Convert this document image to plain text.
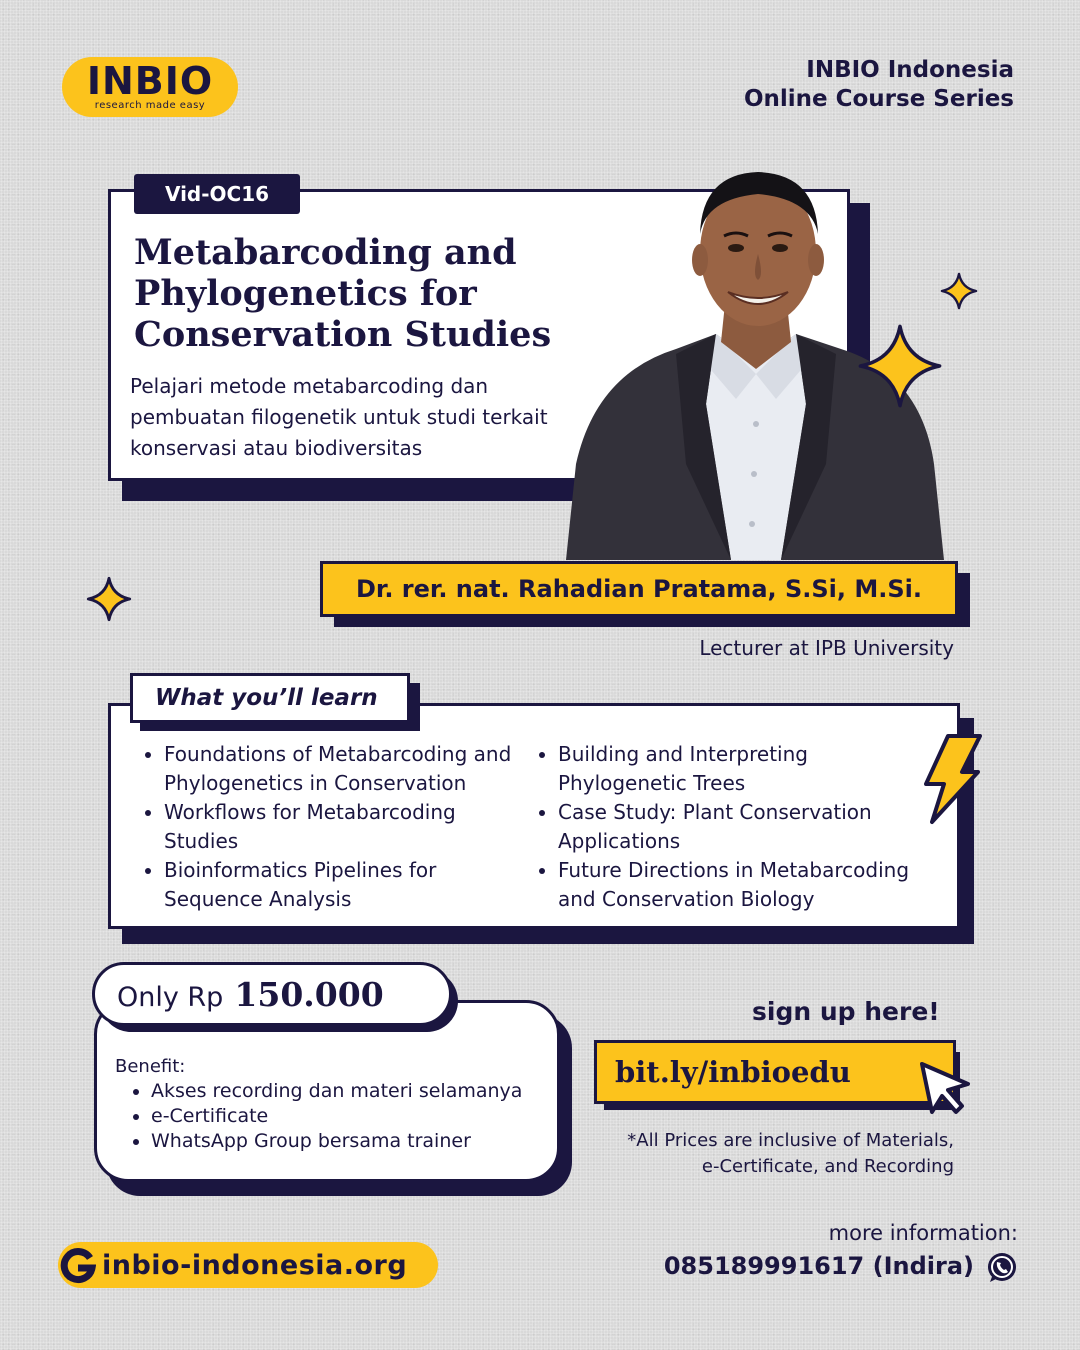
INBIO
research made easy
INBIO Indonesia
Online Course Series
Vid-OC16
Metabarcoding and
Phylogenetics for
Conservation Studies
Pelajari metode metabarcoding dan pembuatan filogenetik untuk studi terkait konservasi atau biodiversitas
Dr. rer. nat. Rahadian Pratama, S.Si, M.Si.
Lecturer at IPB University
What you’ll learn
• Foundations of Metabarcoding and Phylogenetics in Conservation
• Workflows for Metabarcoding Studies
• Bioinformatics Pipelines for Sequence Analysis
• Building and Interpreting Phylogenetic Trees
• Case Study: Plant Conservation Applications
• Future Directions in Metabarcoding and Conservation Biology
Only Rp 150.000
Benefit:
• Akses recording dan materi selamanya
• e-Certificate
• WhatsApp Group bersama trainer
sign up here!
bit.ly/inbioedu
*All Prices are inclusive of Materials,
e-Certificate, and Recording
inbio-indonesia.org
more information:
085189991617 (Indira)
